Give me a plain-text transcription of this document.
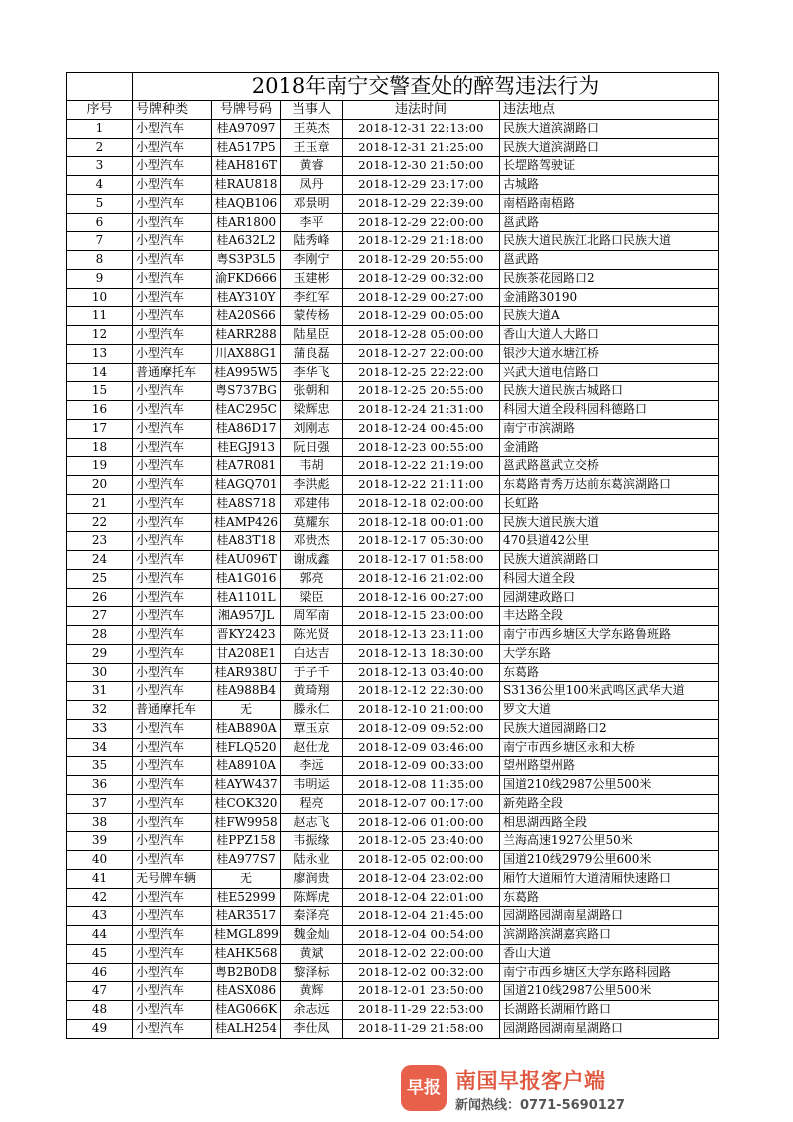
	2018年南宁交警查处的醉驾违法行为				
序号	号牌种类	号牌号码	当事人	违法时间	违法地点
1	小型汽车	桂A97097	王英杰	2018-12-31 22:13:00	民族大道滨湖路口
2	小型汽车	桂A517P5	王玉章	2018-12-31 21:25:00	民族大道滨湖路口
3	小型汽车	桂AH816T	黄睿	2018-12-30 21:50:00	长堽路驾驶证
4	小型汽车	桂RAU818	凤丹	2018-12-29 23:17:00	古城路
5	小型汽车	桂AQB106	邓景明	2018-12-29 22:39:00	南梧路南梧路
6	小型汽车	桂AR1800	李平	2018-12-29 22:00:00	邕武路
7	小型汽车	桂A632L2	陆秀峰	2018-12-29 21:18:00	民族大道民族江北路口民族大道
8	小型汽车	粤S3P3L5	李刚宁	2018-12-29 20:55:00	邕武路
9	小型汽车	渝FKD666	玉建彬	2018-12-29 00:32:00	民族茶花园路口2
10	小型汽车	桂AY310Y	李红军	2018-12-29 00:27:00	金浦路30190
11	小型汽车	桂A20S66	蒙传杨	2018-12-29 00:05:00	民族大道A
12	小型汽车	桂ARR288	陆星臣	2018-12-28 05:00:00	香山大道人大路口
13	小型汽车	川AX88G1	蒲良磊	2018-12-27 22:00:00	银沙大道水塘江桥
14	普通摩托车	桂A995W5	李华飞	2018-12-25 22:22:00	兴武大道电信路口
15	小型汽车	粤S737BG	张朝和	2018-12-25 20:55:00	民族大道民族古城路口
16	小型汽车	桂AC295C	梁辉忠	2018-12-24 21:31:00	科园大道全段科园科德路口
17	小型汽车	桂A86D17	刘刚志	2018-12-24 00:45:00	南宁市滨湖路
18	小型汽车	桂EGJ913	阮日强	2018-12-23 00:55:00	金浦路
19	小型汽车	桂A7R081	韦胡	2018-12-22 21:19:00	邕武路邕武立交桥
20	小型汽车	桂AGQ701	李洪彪	2018-12-22 21:11:00	东葛路青秀万达前东葛滨湖路口
21	小型汽车	桂A8S718	邓建伟	2018-12-18 02:00:00	长虹路
22	小型汽车	桂AMP426	莫耀东	2018-12-18 00:01:00	民族大道民族大道
23	小型汽车	桂A83T18	邓贵杰	2018-12-17 05:30:00	470县道42公里
24	小型汽车	桂AU096T	谢成鑫	2018-12-17 01:58:00	民族大道滨湖路口
25	小型汽车	桂A1G016	郭亮	2018-12-16 21:02:00	科园大道全段
26	小型汽车	桂A1101L	梁臣	2018-12-16 00:27:00	园湖建政路口
27	小型汽车	湘A957JL	周军南	2018-12-15 23:00:00	丰达路全段
28	小型汽车	晋KY2423	陈光贤	2018-12-13 23:11:00	南宁市西乡塘区大学东路鲁班路
29	小型汽车	甘A208E1	白达吉	2018-12-13 18:30:00	大学东路
30	小型汽车	桂AR938U	于子千	2018-12-13 03:40:00	东葛路
31	小型汽车	桂A988B4	黄琦翔	2018-12-12 22:30:00	S3136公里100米武鸣区武华大道
32	普通摩托车	无	滕永仁	2018-12-10 21:00:00	罗文大道
33	小型汽车	桂AB890A	覃玉京	2018-12-09 09:52:00	民族大道园湖路口2
34	小型汽车	桂FLQ520	赵仕龙	2018-12-09 03:46:00	南宁市西乡塘区永和大桥
35	小型汽车	桂A8910A	李远	2018-12-09 00:33:00	望州路望州路
36	小型汽车	桂AYW437	韦明运	2018-12-08 11:35:00	国道210线2987公里500米
37	小型汽车	桂COK320	程亮	2018-12-07 00:17:00	新苑路全段
38	小型汽车	桂FW9958	赵志飞	2018-12-06 01:00:00	相思湖西路全段
39	小型汽车	桂PPZ158	韦振缘	2018-12-05 23:40:00	兰海高速1927公里50米
40	小型汽车	桂A977S7	陆永业	2018-12-05 02:00:00	国道210线2979公里600米
41	无号牌车辆	无	廖润贵	2018-12-04 23:02:00	厢竹大道厢竹大道清厢快速路口
42	小型汽车	桂E52999	陈辉虎	2018-12-04 22:01:00	东葛路
43	小型汽车	桂AR3517	秦泽亮	2018-12-04 21:45:00	园湖路园湖南星湖路口
44	小型汽车	桂MGL899	魏金灿	2018-12-04 00:54:00	滨湖路滨湖嘉宾路口
45	小型汽车	桂AHK568	黄斌	2018-12-02 22:00:00	香山大道
46	小型汽车	粤B2B0D8	黎泽标	2018-12-02 00:32:00	南宁市西乡塘区大学东路科园路
47	小型汽车	桂ASX086	黄辉	2018-12-01 23:50:00	国道210线2987公里500米
48	小型汽车	桂AG066K	余志远	2018-11-29 22:53:00	长湖路长湖厢竹路口
49	小型汽车	桂ALH254	李仕凤	2018-11-29 21:58:00	园湖路园湖南星湖路口
早报 南国早报客户端
新闻热线：0771-5690127
